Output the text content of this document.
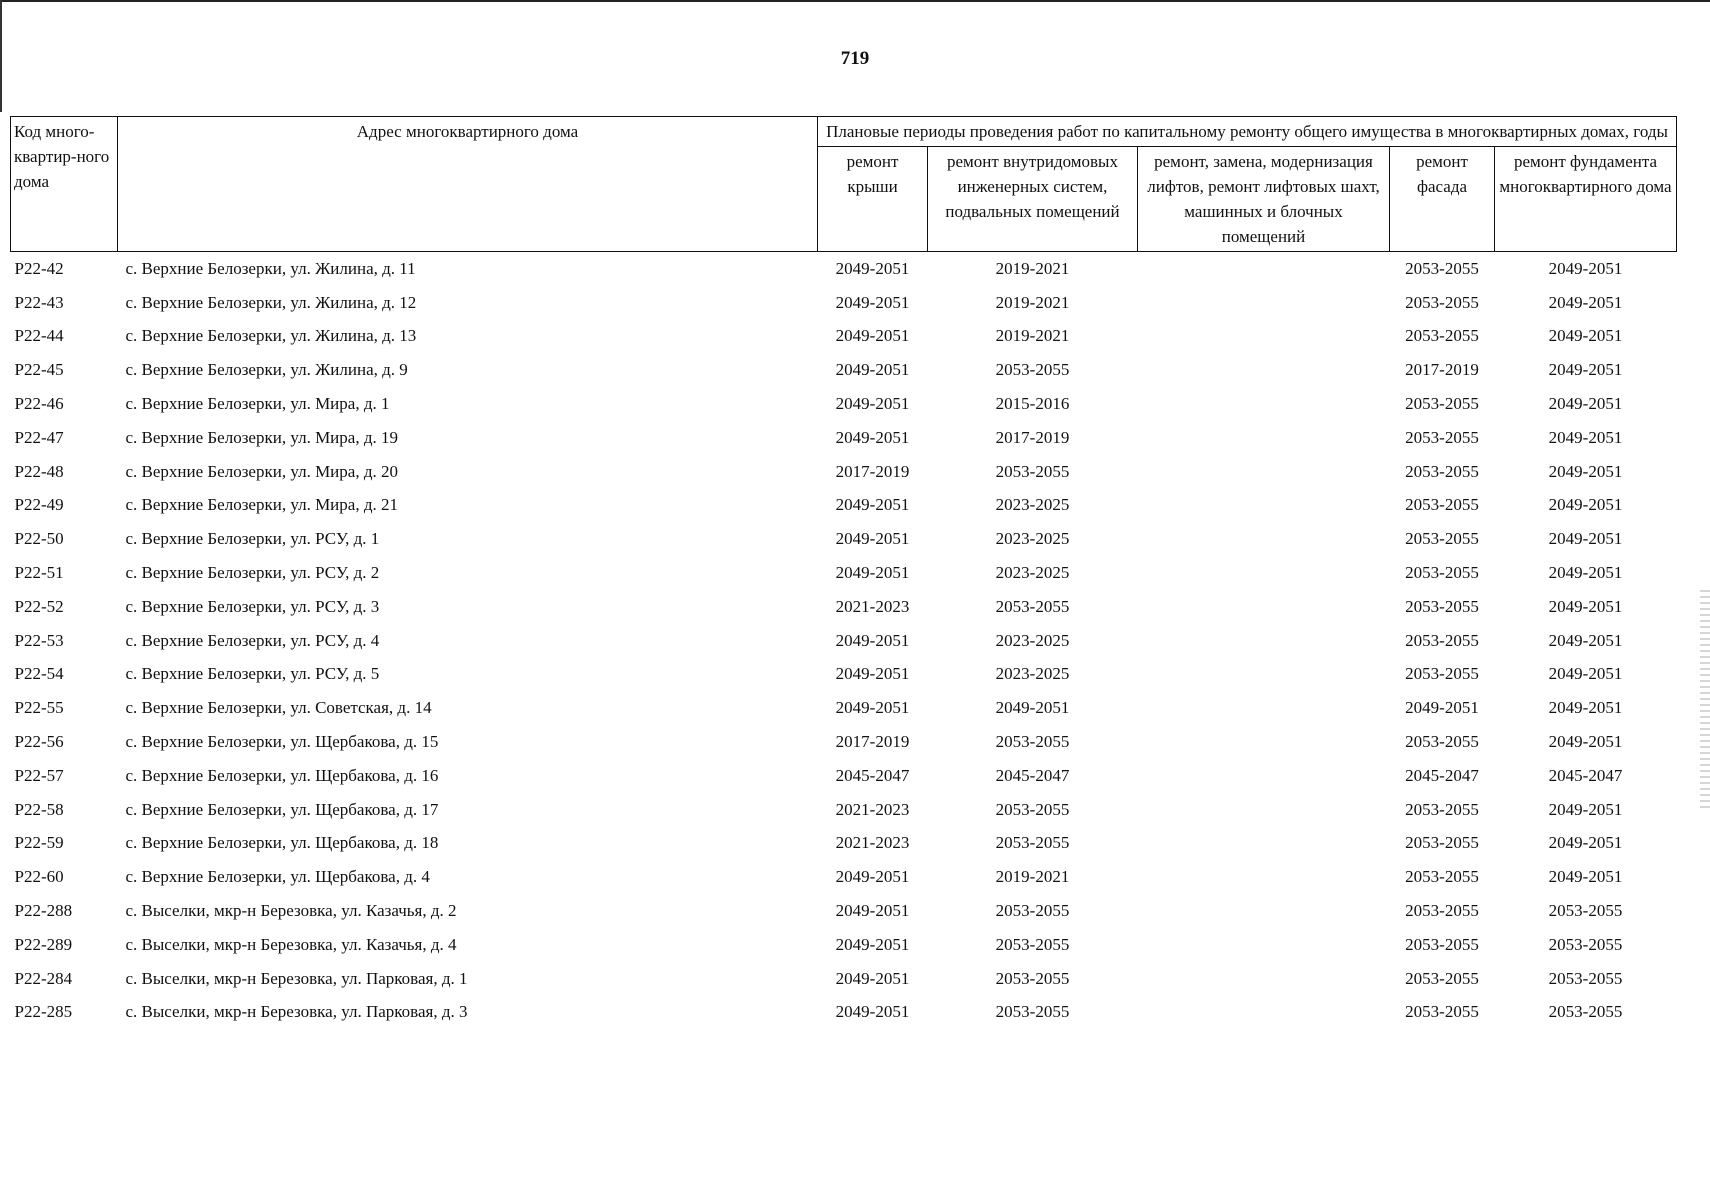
719
Код много-квартир-ного дома	Адрес многоквартирного дома	Плановые периоды проведения работ по капитальному ремонту общего имущества в многоквартирных домах, годы				
		ремонт крыши	ремонт внутридомовых инженерных систем, подвальных помещений	ремонт, замена, модернизация лифтов, ремонт лифтовых шахт, машинных и блочных помещений	ремонт фасада	ремонт фундамента многоквартирного дома
Р22-42	с. Верхние Белозерки, ул. Жилина, д. 11	2049-2051	2019-2021		2053-2055	2049-2051
Р22-43	с. Верхние Белозерки, ул. Жилина, д. 12	2049-2051	2019-2021		2053-2055	2049-2051
Р22-44	с. Верхние Белозерки, ул. Жилина, д. 13	2049-2051	2019-2021		2053-2055	2049-2051
Р22-45	с. Верхние Белозерки, ул. Жилина, д. 9	2049-2051	2053-2055		2017-2019	2049-2051
Р22-46	с. Верхние Белозерки, ул. Мира, д. 1	2049-2051	2015-2016		2053-2055	2049-2051
Р22-47	с. Верхние Белозерки, ул. Мира, д. 19	2049-2051	2017-2019		2053-2055	2049-2051
Р22-48	с. Верхние Белозерки, ул. Мира, д. 20	2017-2019	2053-2055		2053-2055	2049-2051
Р22-49	с. Верхние Белозерки, ул. Мира, д. 21	2049-2051	2023-2025		2053-2055	2049-2051
Р22-50	с. Верхние Белозерки, ул. РСУ, д. 1	2049-2051	2023-2025		2053-2055	2049-2051
Р22-51	с. Верхние Белозерки, ул. РСУ, д. 2	2049-2051	2023-2025		2053-2055	2049-2051
Р22-52	с. Верхние Белозерки, ул. РСУ, д. 3	2021-2023	2053-2055		2053-2055	2049-2051
Р22-53	с. Верхние Белозерки, ул. РСУ, д. 4	2049-2051	2023-2025		2053-2055	2049-2051
Р22-54	с. Верхние Белозерки, ул. РСУ, д. 5	2049-2051	2023-2025		2053-2055	2049-2051
Р22-55	с. Верхние Белозерки, ул. Советская, д. 14	2049-2051	2049-2051		2049-2051	2049-2051
Р22-56	с. Верхние Белозерки, ул. Щербакова, д. 15	2017-2019	2053-2055		2053-2055	2049-2051
Р22-57	с. Верхние Белозерки, ул. Щербакова, д. 16	2045-2047	2045-2047		2045-2047	2045-2047
Р22-58	с. Верхние Белозерки, ул. Щербакова, д. 17	2021-2023	2053-2055		2053-2055	2049-2051
Р22-59	с. Верхние Белозерки, ул. Щербакова, д. 18	2021-2023	2053-2055		2053-2055	2049-2051
Р22-60	с. Верхние Белозерки, ул. Щербакова, д. 4	2049-2051	2019-2021		2053-2055	2049-2051
Р22-288	с. Выселки, мкр-н Березовка, ул. Казачья, д. 2	2049-2051	2053-2055		2053-2055	2053-2055
Р22-289	с. Выселки, мкр-н Березовка, ул. Казачья, д. 4	2049-2051	2053-2055		2053-2055	2053-2055
Р22-284	с. Выселки, мкр-н Березовка, ул. Парковая, д. 1	2049-2051	2053-2055		2053-2055	2053-2055
Р22-285	с. Выселки, мкр-н Березовка, ул. Парковая, д. 3	2049-2051	2053-2055		2053-2055	2053-2055
